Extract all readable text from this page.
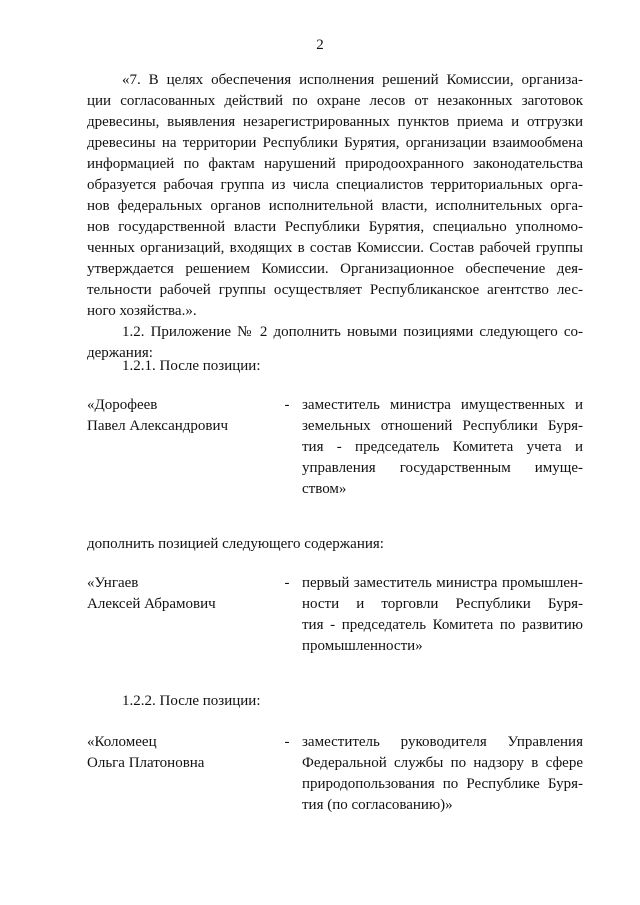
2
«7. В целях обеспечения исполнения решений Комиссии, организа-
ции согласованных действий по охране лесов от незаконных заготовок
древесины, выявления незарегистрированных пунктов приема и отгрузки
древесины на территории Республики Бурятия, организации взаимообмена
информацией по фактам нарушений природоохранного законодательства
образуется рабочая группа из числа специалистов территориальных орга-
нов федеральных органов исполнительной власти, исполнительных орга-
нов государственной власти Республики Бурятия, специально уполномо-
ченных организаций, входящих в состав Комиссии. Состав рабочей группы
утверждается решением Комиссии. Организационное обеспечение дея-
тельности рабочей группы осуществляет Республиканское агентство лес-
ного хозяйства.».
1.2. Приложение № 2 дополнить новыми позициями следующего со-
держания:
1.2.1. После позиции:
«Дорофеев
Павел Александрович
- заместитель министра имущественных и
земельных отношений Республики Буря-
тия - председатель Комитета учета и
управления государственным имуще-
ством»
дополнить позицией следующего содержания:
«Унгаев
Алексей Абрамович
- первый заместитель министра промышлен-
ности и торговли Республики Буря-
тия - председатель Комитета по развитию
промышленности»
1.2.2. После позиции:
«Коломеец
Ольга Платоновна
- заместитель руководителя Управления
Федеральной службы по надзору в сфере
природопользования по Республике Буря-
тия (по согласованию)»
